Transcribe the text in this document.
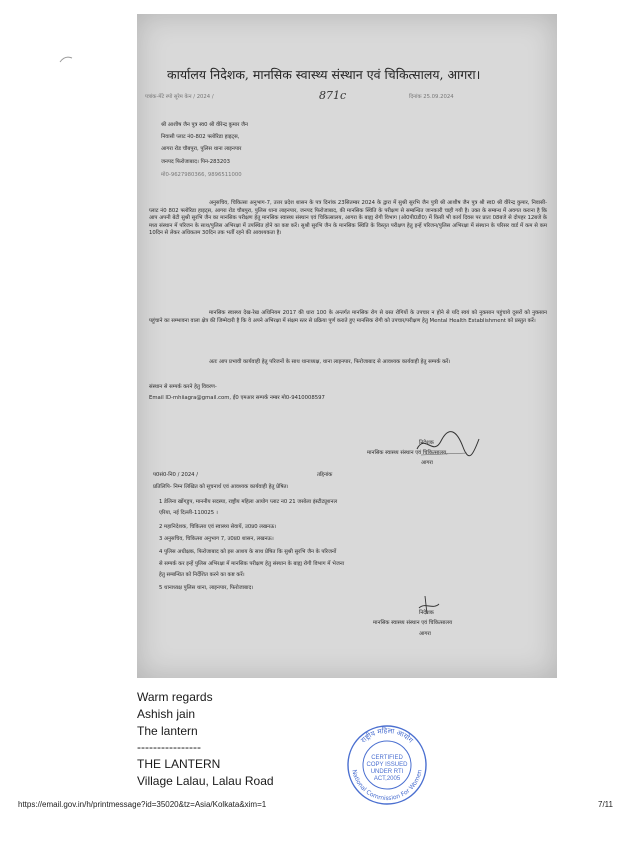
कार्यालय निदेशक, मानसिक स्वास्थ्य संस्थान एवं चिकित्सालय, आगरा।
पत्रांक-मेंटे स्पो सूरेम केन / 2024 /	871c	दिनांक 25.09.2024
श्री आशीष जैन पुत्र स्व0 श्री वीरेन्द्र कुमार जैन
निवासी प्लाट नं0-802 फ्लोरिडा हाइट्स,
आगरा रोड चौबपुरा, पुलिस थाना लाइनपार
जनपद फिरोजाबाद। पिन-283203
मो0-9627980366, 9896511000
अनुसचिव, चिकित्सा अनुभाग-7, उत्तर प्रदेश शासन के पत्र दिनांक 23सितम्बर 2024 के द्वारा में सुश्री सुरभि जैन पुत्री श्री आशीष जैन पुत्र श्री स्व0 श्री वीरेन्द्र कुमार, निवासी-प्लाट नं0 802 फ्लोरिडा हाइट्स, आगरा रोड चौबपुरा, पुलिस थाना लाइनपार, जनपद फिरोजाबाद, की मानसिक स्थिति के परीक्षण से सम्बन्धित जानकारी चाही गयी है। उक्त के सम्बन्ध में अवगत कराना है कि आप अपनी बेटी सुश्री सुरभि जैन का मानसिक परीक्षण हेतु मानसिक स्वास्थ्य संस्थान एवं चिकित्सालय, आगरा के बाह्य रोगी विभाग (ओ0पी0डी0) में किसी भी कार्य दिवस पर प्रातः 08बजे से दोपहर 12बजे के मध्य संस्थान में परिजन के साथ/पुलिस अभिरक्षा में उपस्थित होने का कष्ट करें। सुश्री सुरभि जैन के मानसिक स्थिति के विस्तृत परीक्षण हेतु इन्हें परिजन/पुलिस अभिरक्षा में संस्थान के परिसर वार्ड में कम से कम 10दिन से लेकर अधिकतम 30दिन तक भर्ती रहने की आवश्यकता है।
मानसिक स्वास्थ्य देख-रेख अधिनियम 2017 की धारा 100 के अन्तर्गत मानसिक रोग से ग्रस्त रोगियों के उपचार न होने से यदि स्वयं को नुकसान पहुंचाये दूसरों को नुकसान पहुंचाने का सम्भावना वाला क्षेत्र की जिम्मेदारी है कि वे अपने अभिरक्षा में संक्षम स्तर से प्रक्रिया पूर्ण कराते हुए मानसिक रोगी को उपचार/परीक्षण हेतु Mental Health Establishment को प्रस्तुत करें।
अतः आप प्रभावी कार्यवाही हेतु परिजनों के साथ थानाध्यक्ष, थाना लाइनपार, फिरोजाबाद से आवश्यक कार्यवाही हेतु सम्पर्क करें।
संस्थान से सम्पर्क करने हेतु विवरण-
Email ID-mhiiagra@gmail.com, ई0 एमआर सम्पर्क नम्बर मो0-9410008597
निदेशक
मानसिक स्वास्थ्य संस्थान एवं चिकित्सालय,
आगरा
प0सं0-नि0 / 2024 /	तद्दिनांक
प्रतिलिपि- निम्न लिखित को सूचनार्थ एवं आवश्यक कार्यवाही हेतु प्रेषित।
1 डेलिना खोंगडुप, माननीय सदस्या, राष्ट्रीय महिला आयोग प्लाट न0 21 जसोला इंस्टीट्यूशनल
एरिया, नई दिल्ली-110025 ।
2 महानिदेशक, चिकित्सा एवं स्वास्थ्य सेवायें, उ0प्र0 लखनऊ।
3 अनुसचिव, चिकित्सा अनुभाग 7, उ0प्र0 शासन, लखनऊ।
4 पुलिस अधीक्षक, फिरोजाबाद को इस आशय के साथ प्रेषित कि सुश्री सुरभि जैन के परिजनों
से सम्पर्क कर इन्हें पुलिस अभिरक्षा में मानसिक परीक्षण हेतु संस्थान के बाह्य रोगी विभाग में भेजना
हेतु सम्बन्धित को निर्देशित करने का कष्ट करें।
5 थानाध्यक्ष पुलिस थाना, लाइनपार, फिरोजाबाद।
निदेशक
मानसिक स्वास्थ्य संस्थान एवं चिकित्सालय
आगरा
Warm regards
Ashish jain
The lantern
----------------
THE LANTERN
Village Lalau, Lalau Road
राष्ट्रीय महिला आयोग
National Commission For Women
CERTIFIED
COPY ISSUED
UNDER RTI
ACT,2005
https://email.gov.in/h/printmessage?id=35020&tz=Asia/Kolkata&xim=1	7/11
